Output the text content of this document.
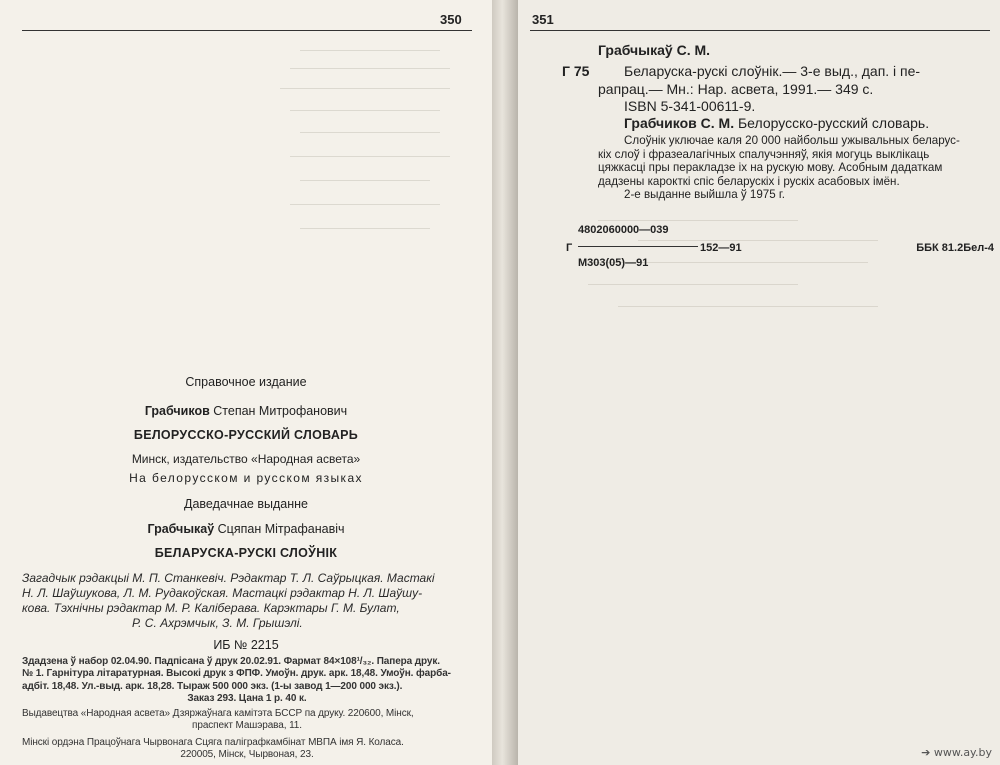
350
Справочное издание
Грабчиков Степан Митрофанович
БЕЛОРУССКО-РУССКИЙ СЛОВАРЬ
Минск, издательство «Народная асвета»
На белорусском и русском языках
Даведачнае выданне
Грабчыкаў Сцяпан Мітрафанавіч
БЕЛАРУСКА-РУСКІ СЛОЎНІК
Загадчык рэдакцыі М. П. Станкевіч. Рэдактар Т. Л. Саўрыцкая. Мастакі
Н. Л. Шаўшукова, Л. М. Рудакоўская. Мастацкі рэдактар Н. Л. Шаўшу-
кова. Тэхнічны рэдактар М. Р. Каліберава. Карэктары Г. М. Булат,
Р. С. Ахрэмчык, З. М. Грышэлі.
ИБ № 2215
Здадзена ў набор 02.04.90. Падпісана ў друк 20.02.91. Фармат 84×108¹/₃₂. Папера друк.
№ 1. Гарнітура літаратурная. Высокі друк з ФПФ. Умоўн. друк. арк. 18,48. Умоўн. фарба-
адбіт. 18,48. Ул.-выд. арк. 18,28. Тыраж 500 000 экз. (1-ы завод 1—200 000 экз.).
Заказ 293. Цана 1 р. 40 к.
Выдавецтва «Народная асвета» Дзяржаўнага камітэта БССР па друку. 220600, Мінск,
праспект Машэрава, 11.
Мінскі ордэна Працоўнага Чырвонага Сцяга паліграфкамбінат МВПА імя Я. Коласа.
220005, Мінск, Чырвоная, 23.
351
Грабчыкаў С. М.
Г 75 Беларуска-рускі слоўнік.— 3-е выд., дап. і пе-
рапрац.— Мн.: Нар. асвета, 1991.— 349 с.
ISBN 5-341-00611-9.
Грабчиков С. М. Белорусско-русский словарь.
Слоўнік уключае каля 20 000 найбольш ужывальных беларус-
кіх слоў і фразеалагічных спалучэнняў, якія могуць выклікаць
цяжкасці пры перакладзе іх на рускую мову. Асобным дадаткам
дадзены карокткі спіс беларускіх і рускіх асабовых імён.
2-е выданне выйшла ў 1975 г.
4802060000—039
Г	152—91
М303(05)—91
ББК 81.2Бел-4
➔ www.ay.by
